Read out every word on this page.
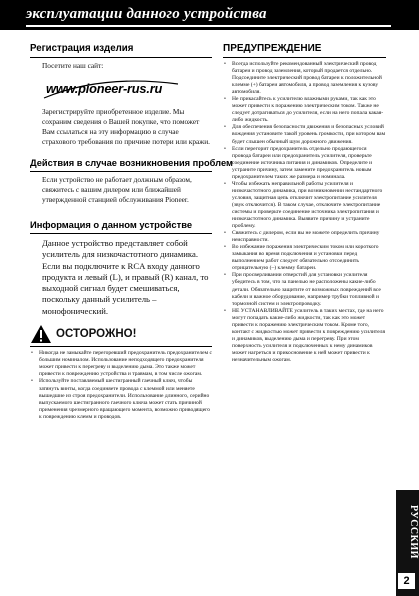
эксплуатации данного устройства
Регистрация изделия
Посетите наш сайт:
www.pioneer-rus.ru
Зарегистрируйте приобретенное изделие. Мы сохраним сведения о Вашей покупке, что поможет Вам ссылаться на эту информацию в случае страхового требования по причине потери или кражи.
Действия в случае возникновения проблем
Если устройство не работает должным образом, свяжитесь с вашим дилером или ближайшей утвержденной станцией обслуживания Pioneer.
Информация о данном устройстве
Данное устройство представляет собой усилитель для низкочастотного динамика. Если вы подключите к RCA входу данного продукта и левый (L), и правый (R) канал, то выходной сигнал будет смешиваться, поскольку данный усилитель – монофонический.
ОСТОРОЖНО!
• Никогда не замыкайте перегоревший предохранитель предохранителем с большим номиналом. Использование неподходящего предохранителя может привести к перегреву и выделению дыма. Это также может привести к повреждению устройства и травмам, в том числе ожогам.
• Используйте поставляемый шестигранный гаечный ключ, чтобы затянуть винты, когда соединяете провода с клеммой или меняете вышедшие из строя предохранители. Использование длинного, серийно выпускаемого шестигранного гаечного ключа может стать причиной применения чрезмерного вращающего момента, возможно приводящего к повреждению клемм и проводов.
ПРЕДУПРЕЖДЕНИЕ
• Всегда используйте рекомендованный электрический провод батареи и провод заземления, который продается отдельно. Подсоедините электрический провод батареи к положительной клемме (+) батареи автомобиля, а провод заземления к кузову автомобиля.
• Не прикасайтесь к усилителю влажными руками, так как это может привести к поражению электрическим током. Также не следует дотрагиваться до усилителя, если на него попала какая-либо жидкость.
• Для обеспечения безопасности движения и безопасных условий вождения установите такой уровень громкости, при котором вам будет слышен обычный шум дорожного движения.
• Если перегорит предохранитель отдельно продающегося провода батареи или предохранитель усилителя, проверьте соединение источника питания и динамиков. Определите и устраните причину, затем замените предохранитель новым предохранителем таких же размера и номинала.
• Чтобы избежать неправильной работы усилителя и низкочастотного динамика, при возникновении нестандартного условия, защитная цепь отключит электропитание усилителя (звук отключится). В таком случае, отключите электропитание системы и проверьте соединение источника электропитания и низкочастотного динамика. Выявите причину и устраните проблему.
• Свяжитесь с дилером, если вы не можете определить причину неисправности.
• Во избежание поражения электрическим током или короткого замыкания во время подключения и установки перед выполнением работ следует обязательно отсоединить отрицательную (–) клемму батареи.
• При просверливании отверстий для установки усилителя убедитесь в том, что за панелью не расположены какие-либо детали. Обязательно защитите от возможных повреждений все кабели и важное оборудование, например трубки топливной и тормозной систем и электропроводку.
• НЕ УСТАНАВЛИВАЙТЕ усилитель в таких местах, где на него могут попадать какие-либо жидкости, так как это может привести к поражению электрическим током. Кроме того, контакт с жидкостью может привести к повреждению усилителя и динамиков, выделению дыма и перегреву. При этом поверхность усилителя и подключенных к нему динамиков может нагреться и прикосновение к ней может привести к незначительным ожогам.
РУССКИЙ
2
